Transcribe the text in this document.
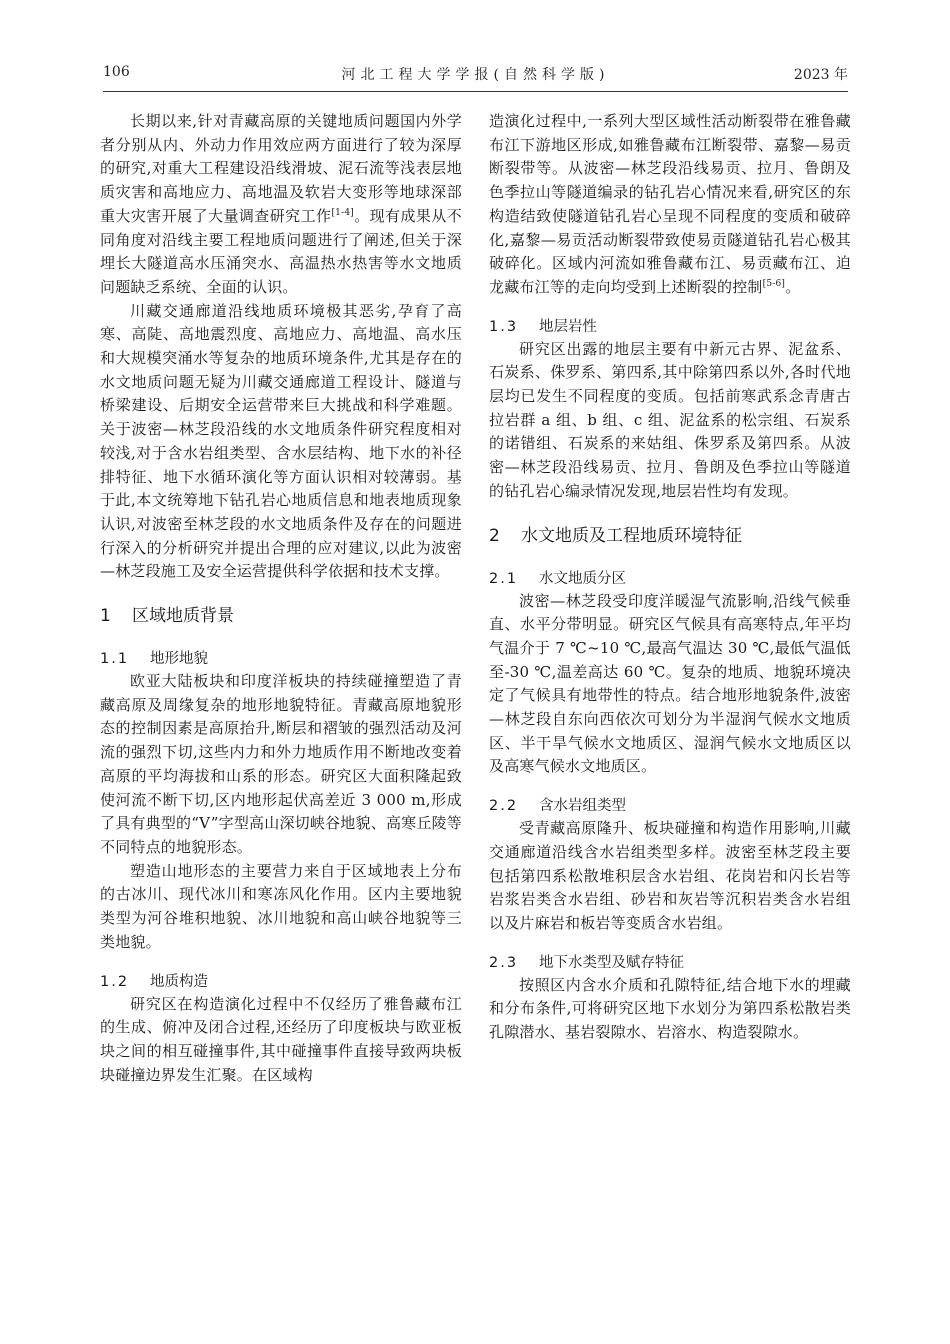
106	河北工程大学学报(自然科学版)	2023 年

长期以来,针对青藏高原的关键地质问题国内外学者分别从内、外动力作用效应两方面进行了较为深厚的研究,对重大工程建设沿线滑坡、泥石流等浅表层地质灾害和高地应力、高地温及软岩大变形等地球深部重大灾害开展了大量调查研究工作[1-4]。现有成果从不同角度对沿线主要工程地质问题进行了阐述,但关于深埋长大隧道高水压涌突水、高温热水热害等水文地质问题缺乏系统、全面的认识。

川藏交通廊道沿线地质环境极其恶劣,孕育了高寒、高陡、高地震烈度、高地应力、高地温、高水压和大规模突涌水等复杂的地质环境条件,尤其是存在的水文地质问题无疑为川藏交通廊道工程设计、隧道与桥梁建设、后期安全运营带来巨大挑战和科学难题。关于波密—林芝段沿线的水文地质条件研究程度相对较浅,对于含水岩组类型、含水层结构、地下水的补径排特征、地下水循环演化等方面认识相对较薄弱。基于此,本文统筹地下钻孔岩心地质信息和地表地质现象认识,对波密至林芝段的水文地质条件及存在的问题进行深入的分析研究并提出合理的应对建议,以此为波密—林芝段施工及安全运营提供科学依据和技术支撑。

1 区域地质背景
1.1 地形地貌

欧亚大陆板块和印度洋板块的持续碰撞塑造了青藏高原及周缘复杂的地形地貌特征。青藏高原地貌形态的控制因素是高原抬升,断层和褶皱的强烈活动及河流的强烈下切,这些内力和外力地质作用不断地改变着高原的平均海拔和山系的形态。研究区大面积隆起致使河流不断下切,区内地形起伏高差近 3 000 m,形成了具有典型的“V”字型高山深切峡谷地貌、高寒丘陵等不同特点的地貌形态。

塑造山地形态的主要营力来自于区域地表上分布的古冰川、现代冰川和寒冻风化作用。区内主要地貌类型为河谷堆积地貌、冰川地貌和高山峡谷地貌等三类地貌。

1.2 地质构造

研究区在构造演化过程中不仅经历了雅鲁藏布江的生成、俯冲及闭合过程,还经历了印度板块与欧亚板块之间的相互碰撞事件,其中碰撞事件直接导致两块板块碰撞边界发生汇聚。在区域构

造演化过程中,一系列大型区域性活动断裂带在雅鲁藏布江下游地区形成,如雅鲁藏布江断裂带、嘉黎—易贡断裂带等。从波密—林芝段沿线易贡、拉月、鲁朗及色季拉山等隧道编录的钻孔岩心情况来看,研究区的东构造结致使隧道钻孔岩心呈现不同程度的变质和破碎化,嘉黎—易贡活动断裂带致使易贡隧道钻孔岩心极其破碎化。区域内河流如雅鲁藏布江、易贡藏布江、迫龙藏布江等的走向均受到上述断裂的控制[5-6]。

1.3 地层岩性

研究区出露的地层主要有中新元古界、泥盆系、石炭系、侏罗系、第四系,其中除第四系以外,各时代地层均已发生不同程度的变质。包括前寒武系念青唐古拉岩群 a 组、b 组、c 组、泥盆系的松宗组、石炭系的诺错组、石炭系的来姑组、侏罗系及第四系。从波密—林芝段沿线易贡、拉月、鲁朗及色季拉山等隧道的钻孔岩心编录情况发现,地层岩性均有发现。

2 水文地质及工程地质环境特征
2.1 水文地质分区

波密—林芝段受印度洋暖湿气流影响,沿线气候垂直、水平分带明显。研究区气候具有高寒特点,年平均气温介于 7 ℃~10 ℃,最高气温达 30 ℃,最低气温低至-30 ℃,温差高达 60 ℃。复杂的地质、地貌环境决定了气候具有地带性的特点。结合地形地貌条件,波密—林芝段自东向西依次可划分为半湿润气候水文地质区、半干旱气候水文地质区、湿润气候水文地质区以及高寒气候水文地质区。

2.2 含水岩组类型

受青藏高原隆升、板块碰撞和构造作用影响,川藏交通廊道沿线含水岩组类型多样。波密至林芝段主要包括第四系松散堆积层含水岩组、花岗岩和闪长岩等岩浆岩类含水岩组、砂岩和灰岩等沉积岩类含水岩组以及片麻岩和板岩等变质含水岩组。

2.3 地下水类型及赋存特征

按照区内含水介质和孔隙特征,结合地下水的埋藏和分布条件,可将研究区地下水划分为第四系松散岩类孔隙潜水、基岩裂隙水、岩溶水、构造裂隙水。
